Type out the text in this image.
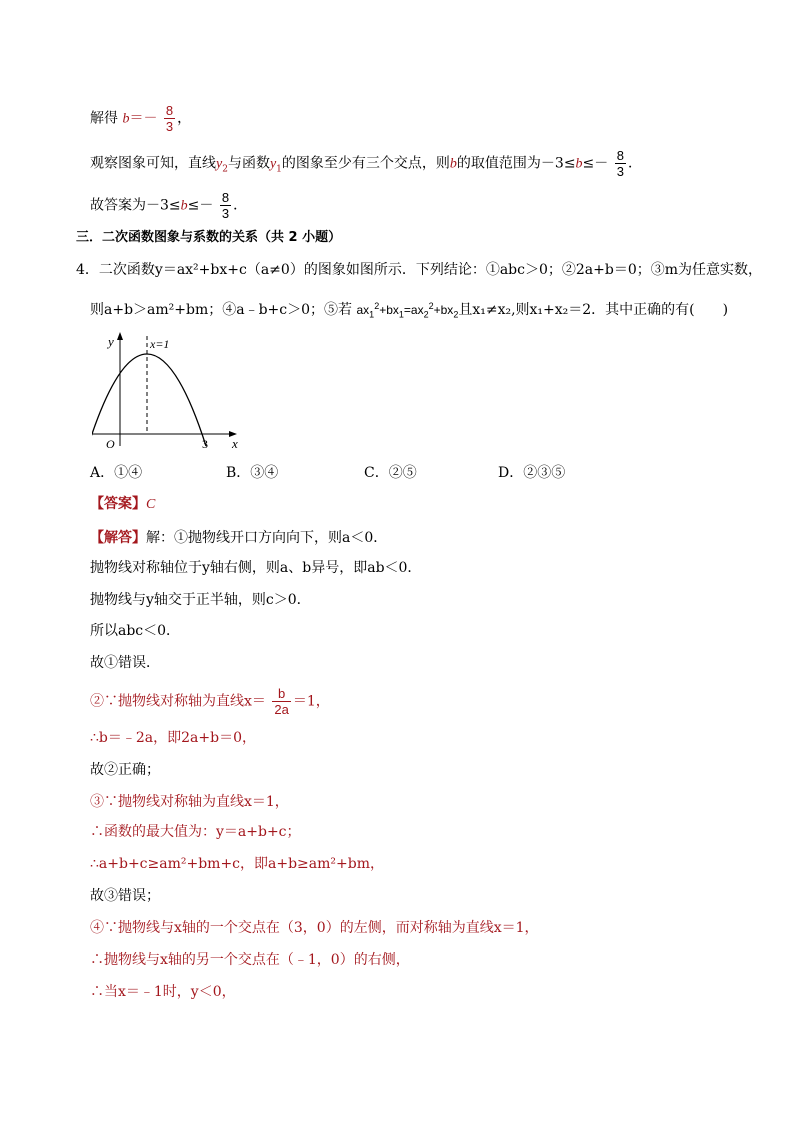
解得 $b=- \frac{8}{3}$ ，
观察图象可知，直线$y_2$与函数$y_1$的图象至少有三个交点，则b的取值范围为$-3\le b\le- \frac{8}{3}$ ．
故答案为$-3\le b\le- \frac{8}{3}$ ．
三．二次函数图象与系数的关系（共 2 小题）
4．二次函数y＝ax²+bx+c（a≠0）的图象如图所示．下列结论：①abc＞0；②2a+b＝0；③m为任意实数，
则a+b＞am²+bm；④a﹣b+c＞0；⑤若 $ax_1^2+bx_1=ax_2^2+bx_2$且x₁≠x₂,则x₁+x₂＝2．其中正确的有(　　)
y
x
x=1
O	3
A．①④	B．③④	C．②⑤	D．②③⑤
【答案】C
【解答】解：①抛物线开口方向向下，则a＜0．
抛物线对称轴位于y轴右侧，则a、b异号，即ab＜0．
抛物线与y轴交于正半轴，则c＞0．
所以abc＜0．
故①错误．
②∵抛物线对称轴为直线$x= \frac{b}{2a} =1$，
∴b＝﹣2a，即2a+b＝0，
故②正确；
③∵抛物线对称轴为直线x＝1，
∴函数的最大值为：y＝a+b+c；
∴a+b+c≥am²+bm+c，即a+b≥am²+bm，
故③错误；
④∵抛物线与x轴的一个交点在（3，0）的左侧，而对称轴为直线x＝1，
∴抛物线与x轴的另一个交点在（﹣1，0）的右侧，
∴当x＝﹣1时，y＜0，
